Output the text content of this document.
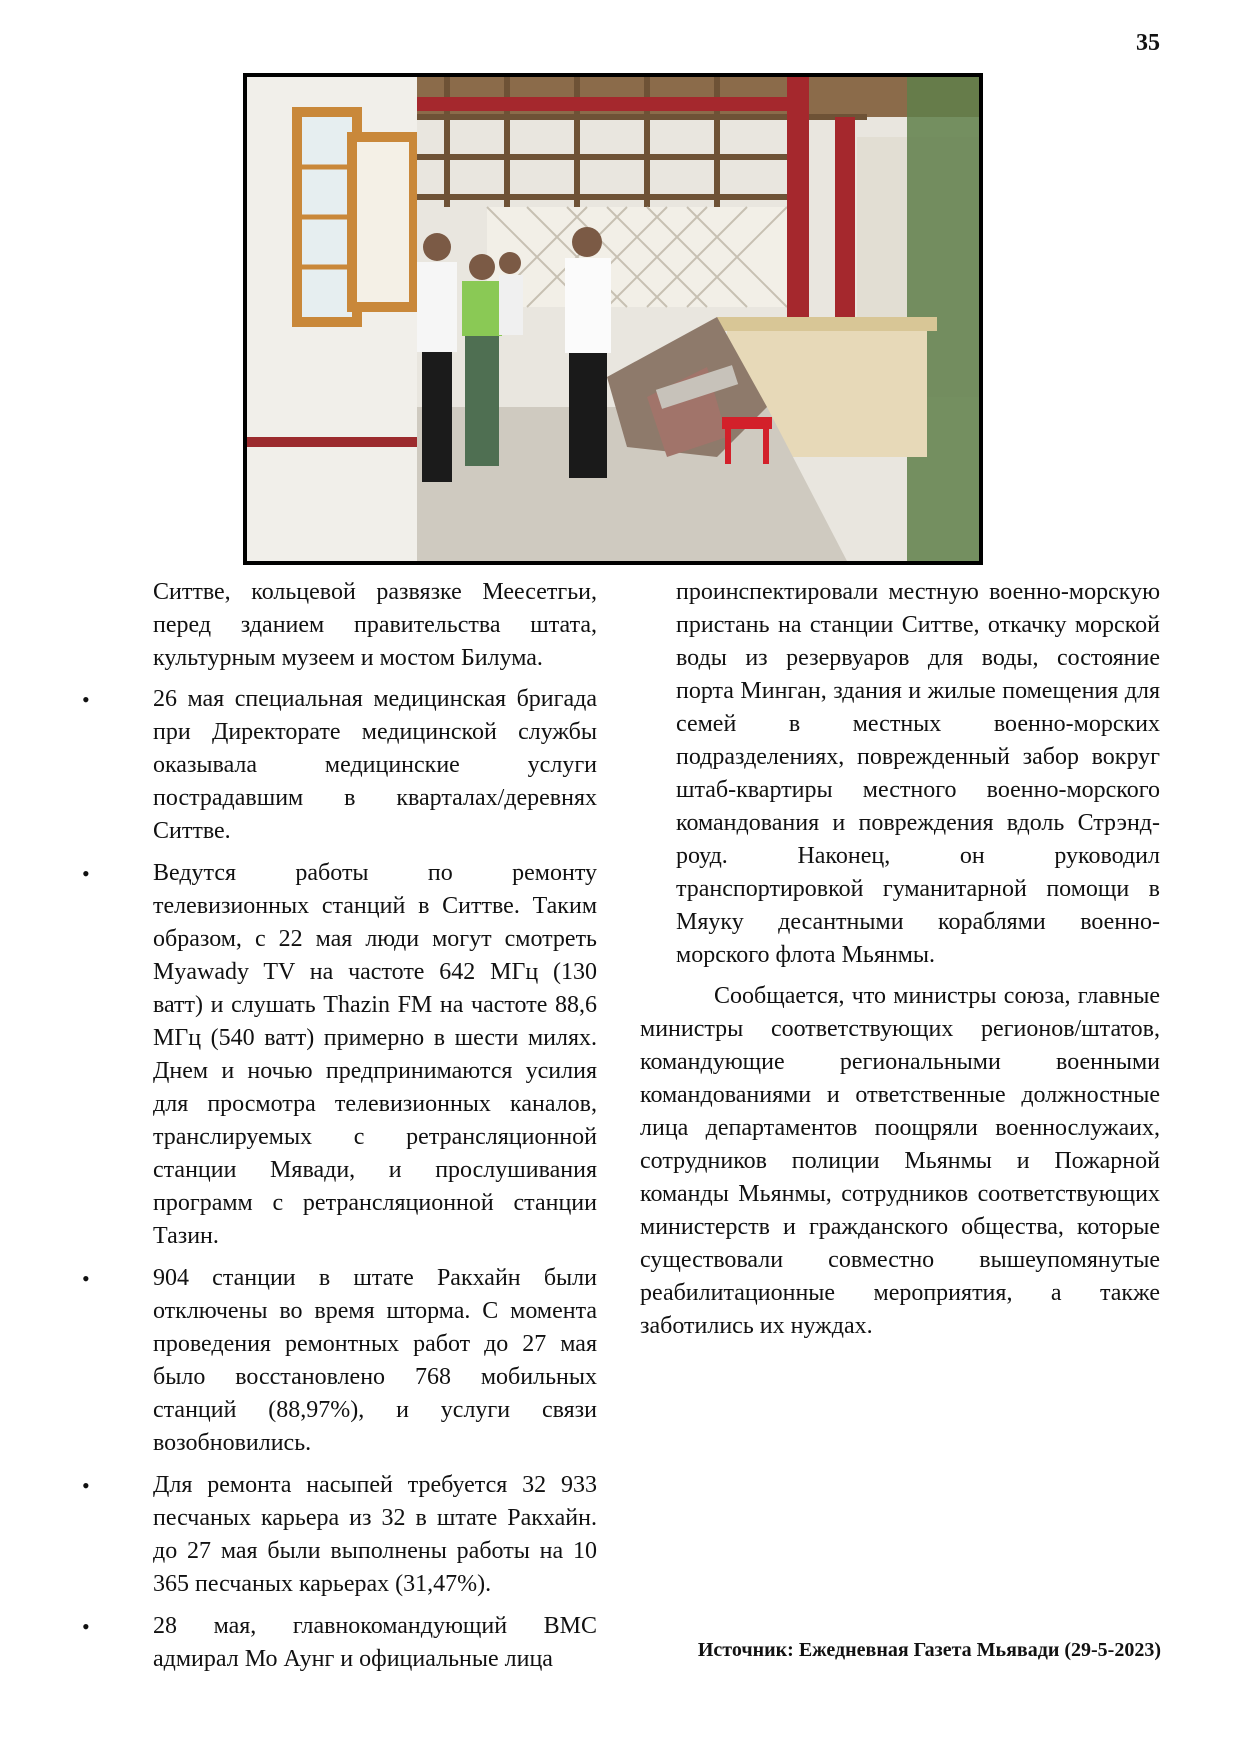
35

Ситтве, кольцевой развязке Меесетгьи, перед зданием правительства штата, культурным музеем и мостом Билума.

•	26 мая специальная медицинская бригада при Директорате медицинской службы оказывала медицинские услуги пострадавшим в кварталах/деревнях Ситтве.
•	Ведутся работы по ремонту телевизионных станций в Ситтве. Таким образом, с 22 мая люди могут смотреть Myawady TV на частоте 642 МГц (130 ватт) и слушать Thazin FM на частоте 88,6 МГц (540 ватт) примерно в шести милях. Днем и ночью предпринимаются усилия для просмотра телевизионных каналов, транслируемых с ретрансляционной станции Мявади, и прослушивания программ с ретрансляционной станции Тазин.
•	904 станции в штате Ракхайн были отключены во время шторма. С момента проведения ремонтных работ до 27 мая было восстановлено 768 мобильных станций (88,97%), и услуги связи возобновились.
•	Для ремонта насыпей требуется 32 933 песчаных карьера из 32 в штате Ракхайн. до 27 мая были выполнены работы на 10 365 песчаных карьерах (31,47%).
•	28 мая, главнокомандующий ВМС адмирал Мо Аунг и официальные лица

проинспектировали местную военно-морскую пристань на станции Ситтве, откачку морской воды из резервуаров для воды, состояние порта Минган, здания и жилые помещения для семей в местных военно-морских подразделениях, поврежденный забор вокруг штаб-квартиры местного военно-морского командования и повреждения вдоль Стрэнд-роуд. Наконец, он руководил транспортировкой гуманитарной помощи в Мяуку десантными кораблями военно-морского флота Мьянмы.

Сообщается, что министры союза, главные министры соответствующих регионов/штатов, командующие региональными военными командованиями и ответственные должностные лица департаментов поощряли военнослужаих, сотрудников полиции Мьянмы и Пожарной команды Мьянмы, сотрудников соответствующих министерств и гражданского общества, которые существовали совместно вышеупомянутые реабилитационные мероприятия, а также заботились их нуждах.

Источник: Ежедневная Газета Мьявади (29-5-2023)
